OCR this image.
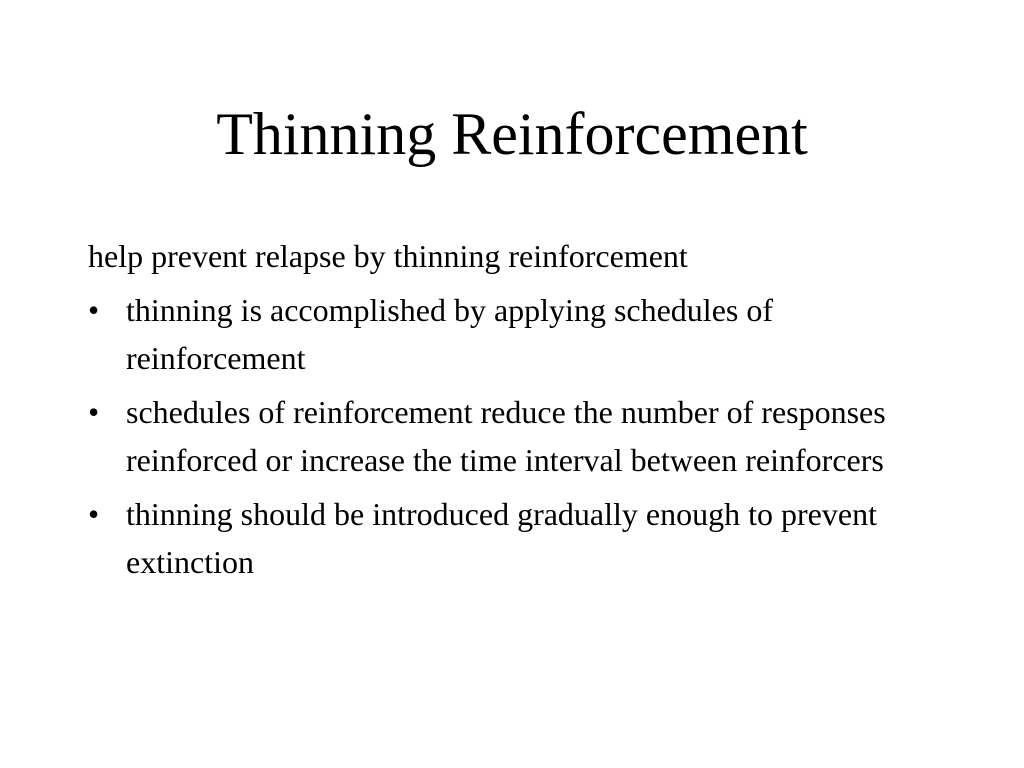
Thinning Reinforcement

help prevent relapse by thinning reinforcement

• thinning is accomplished by applying schedules of reinforcement
• schedules of reinforcement reduce the number of responses reinforced or increase the time interval between reinforcers
• thinning should be introduced gradually enough to prevent extinction
